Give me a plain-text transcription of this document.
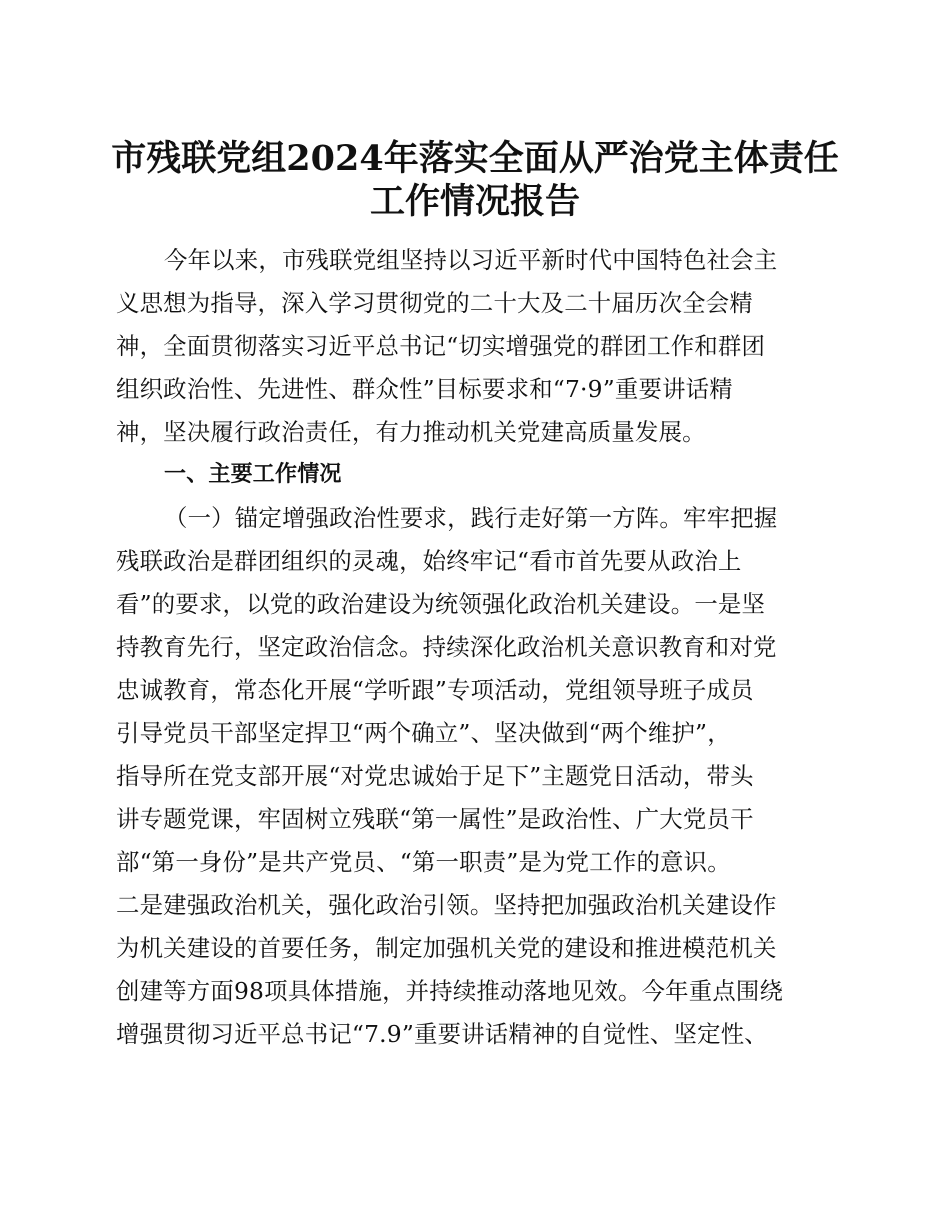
市残联党组2024年落实全面从严治党主体责任
工作情况报告
今年以来，市残联党组坚持以习近平新时代中国特色社会主
义思想为指导，深入学习贯彻党的二十大及二十届历次全会精
神，全面贯彻落实习近平总书记“切实增强党的群团工作和群团
组织政治性、先进性、群众性”目标要求和“7·9”重要讲话精
神，坚决履行政治责任，有力推动机关党建高质量发展。
一、主要工作情况
（一）锚定增强政治性要求，践行走好第一方阵。牢牢把握
残联政治是群团组织的灵魂，始终牢记“看市首先要从政治上
看”的要求，以党的政治建设为统领强化政治机关建设。一是坚
持教育先行，坚定政治信念。持续深化政治机关意识教育和对党
忠诚教育，常态化开展“学听跟”专项活动，党组领导班子成员
引导党员干部坚定捍卫“两个确立”、坚决做到“两个维护”，
指导所在党支部开展“对党忠诚始于足下”主题党日活动，带头
讲专题党课，牢固树立残联“第一属性”是政治性、广大党员干
部“第一身份”是共产党员、“第一职责”是为党工作的意识。
二是建强政治机关，强化政治引领。坚持把加强政治机关建设作
为机关建设的首要任务，制定加强机关党的建设和推进模范机关
创建等方面98项具体措施，并持续推动落地见效。今年重点围绕
增强贯彻习近平总书记“7.9”重要讲话精神的自觉性、坚定性、
